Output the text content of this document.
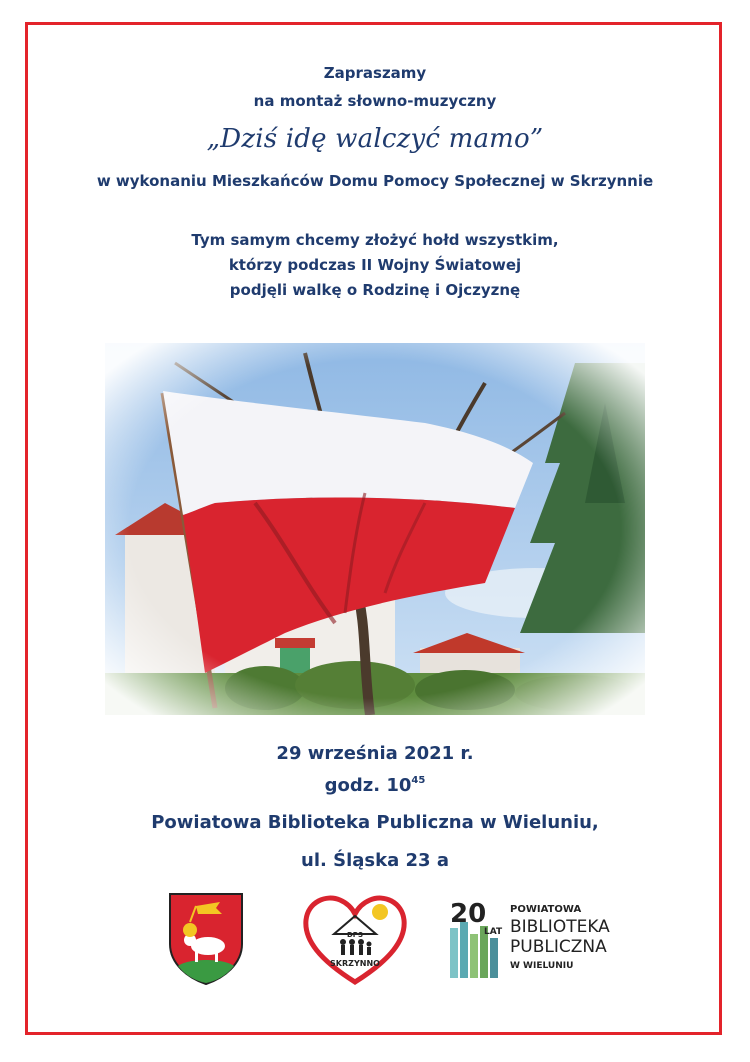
Zapraszamy
na montaż słowno-muzyczny
„Dziś idę walczyć mamo”
w wykonaniu Mieszkańców Domu Pomocy Społecznej w Skrzynnie
Tym samym chcemy złożyć hołd wszystkim,
którzy podczas II Wojny Światowej
podjęli walkę o Rodzinę i Ojczyznę
29 września 2021 r.
godz. $10^{45}$
Powiatowa Biblioteka Publiczna w Wieluniu,
ul. Śląska 23 a
DPS
SKRZYNNO
20
LAT
POWIATOWA
BIBLIOTEKA
PUBLICZNA
W WIELUNIU
